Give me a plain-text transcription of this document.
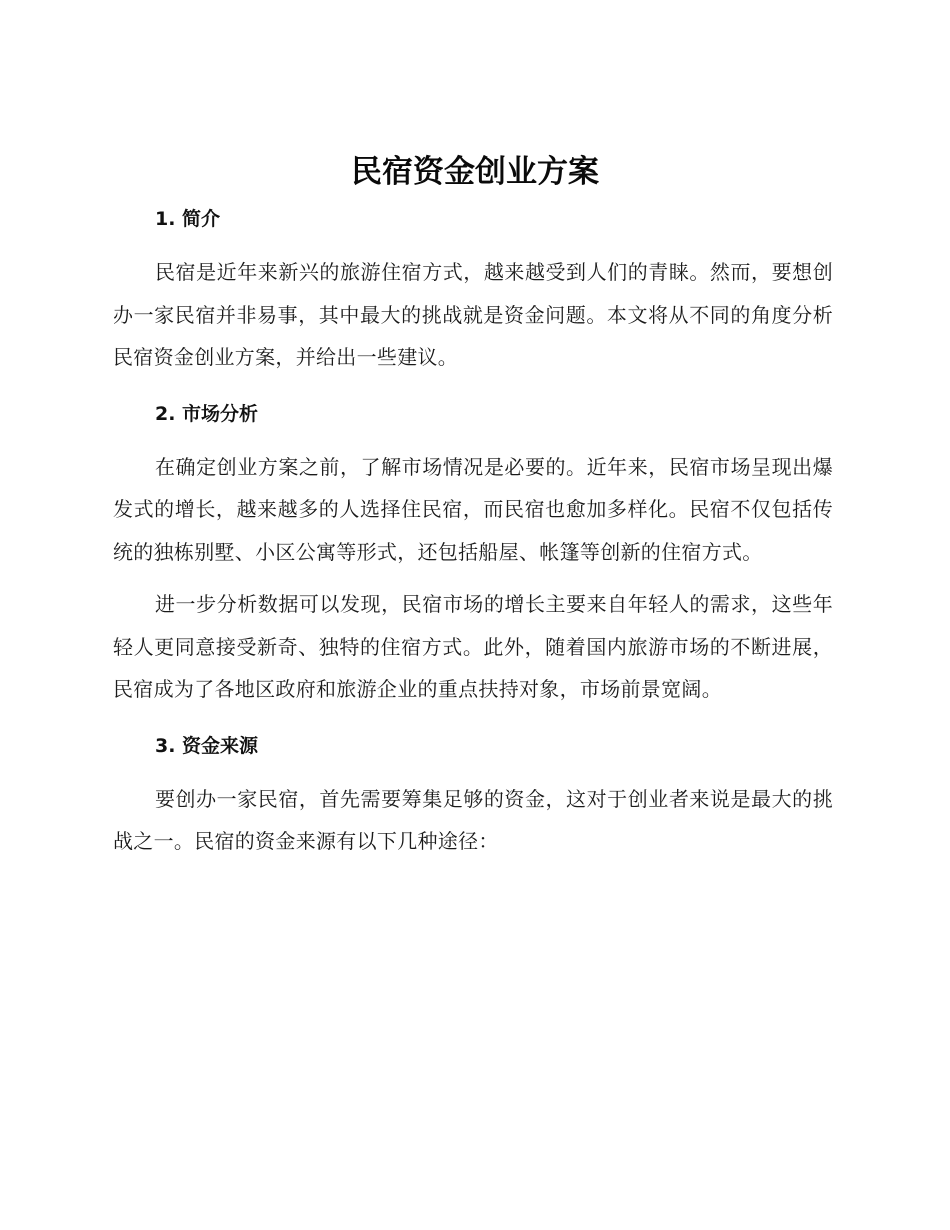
民宿资金创业方案
1. 简介

民宿是近年来新兴的旅游住宿方式，越来越受到人们的青睐。然而，要想创办一家民宿并非易事，其中最大的挑战就是资金问题。本文将从不同的角度分析民宿资金创业方案，并给出一些建议。

2. 市场分析

在确定创业方案之前，了解市场情况是必要的。近年来，民宿市场呈现出爆发式的增长，越来越多的人选择住民宿，而民宿也愈加多样化。民宿不仅包括传统的独栋别墅、小区公寓等形式，还包括船屋、帐篷等创新的住宿方式。

进一步分析数据可以发现，民宿市场的增长主要来自年轻人的需求，这些年轻人更同意接受新奇、独特的住宿方式。此外，随着国内旅游市场的不断进展，民宿成为了各地区政府和旅游企业的重点扶持对象，市场前景宽阔。

3. 资金来源

要创办一家民宿，首先需要筹集足够的资金，这对于创业者来说是最大的挑战之一。民宿的资金来源有以下几种途径：
